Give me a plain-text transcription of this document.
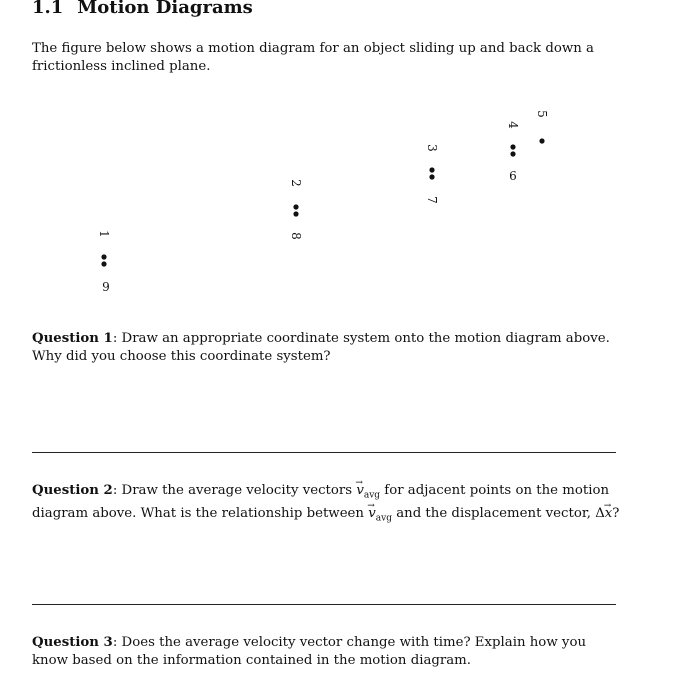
1.1 Motion Diagrams
The figure below shows a motion diagram for an object sliding up and back down a frictionless inclined plane.
1
9
2
8
3
7
4
6
5
Question 1: Draw an appropriate coordinate system onto the motion diagram above. Why did you choose this coordinate system?
Question 2: Draw the average velocity vectors → $v_{avg}$ for adjacent points on the motion diagram above. What is the relationship between → $v_{avg}$ and the displacement vector, Δ→ x?
Question 3: Does the average velocity vector change with time? Explain how you know based on the information contained in the motion diagram.
